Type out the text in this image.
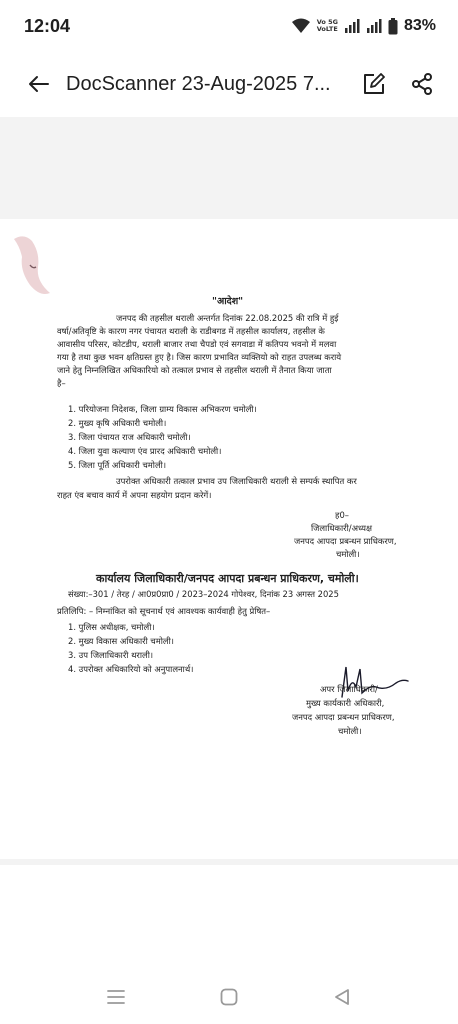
12:04	Vo 5G
VoLTE	83%
DocScanner 23-Aug-2025 7...
"आदेश"
जनपद की तहसील थराली अन्तर्गत दिनांक 22.08.2025 की रात्रि में हुई
वर्षा/अतिवृष्टि के कारण नगर पंचायत थराली के राडीबगड में तहसील कार्यालय, तहसील के
आवासीय परिसर, कोटडीप, थराली बाजार तथा चैपडो एवं सगवाडा में कतिपय भवनो में मलवा
गया है तथा कुछ भवन क्षतिग्रस्त हुए है। जिस कारण प्रभावित व्यक्तियो को राहत उपलब्ध कराये
जाने हेतु निम्नलिखित अधिकारियो को तत्काल प्रभाव से तहसील थराली में तैनात किया जाता
है–
1. परियोजना निदेशक, जिला ग्राम्य विकास अभिकरण चमोली।
2. मुख्य कृषि अधिकारी चमोली।
3. जिला पंचायत राज अधिकारी चमोली।
4. जिला युवा कल्याण एंव प्रारद अधिकारी चमोली।
5. जिला पूर्ति अधिकारी चमोली।
उपरोक्त अधिकारी तत्काल प्रभाव उप जिलाधिकारी थराली से सम्पर्क स्थापित कर
राहत एंव बचाव कार्य में अपना सहयोग प्रदान करेगें।
ह0–
जिलाधिकारी/अध्यक्ष
जनपद आपदा प्रबन्धन प्राधिकरण,
चमोली।
कार्यालय जिलाधिकारी/जनपद आपदा प्रबन्धन प्राधिकरण, चमोली।
संख्या:–301 / तेरह / आ0प्र0प्रा0 / 2023–2024 गोपेश्वर, दिनांक 23 अगस्त 2025
प्रतिलिपि: – निम्नांकित को सूचनार्थ एवं आवश्यक कार्यवाही हेतु प्रेषित–
1. पुलिस अधीक्षक, चमोली।
2. मुख्य विकास अधिकारी चमोली।
3. उप जिलाधिकारी थराली।
4. उपरोक्त अधिकारियो को अनुपालनार्थ।
अपर जिलाधिकारी/
मुख्य कार्यकारी अधिकारी,
जनपद आपदा प्रबन्धन प्राधिकरण,
चमोली।
